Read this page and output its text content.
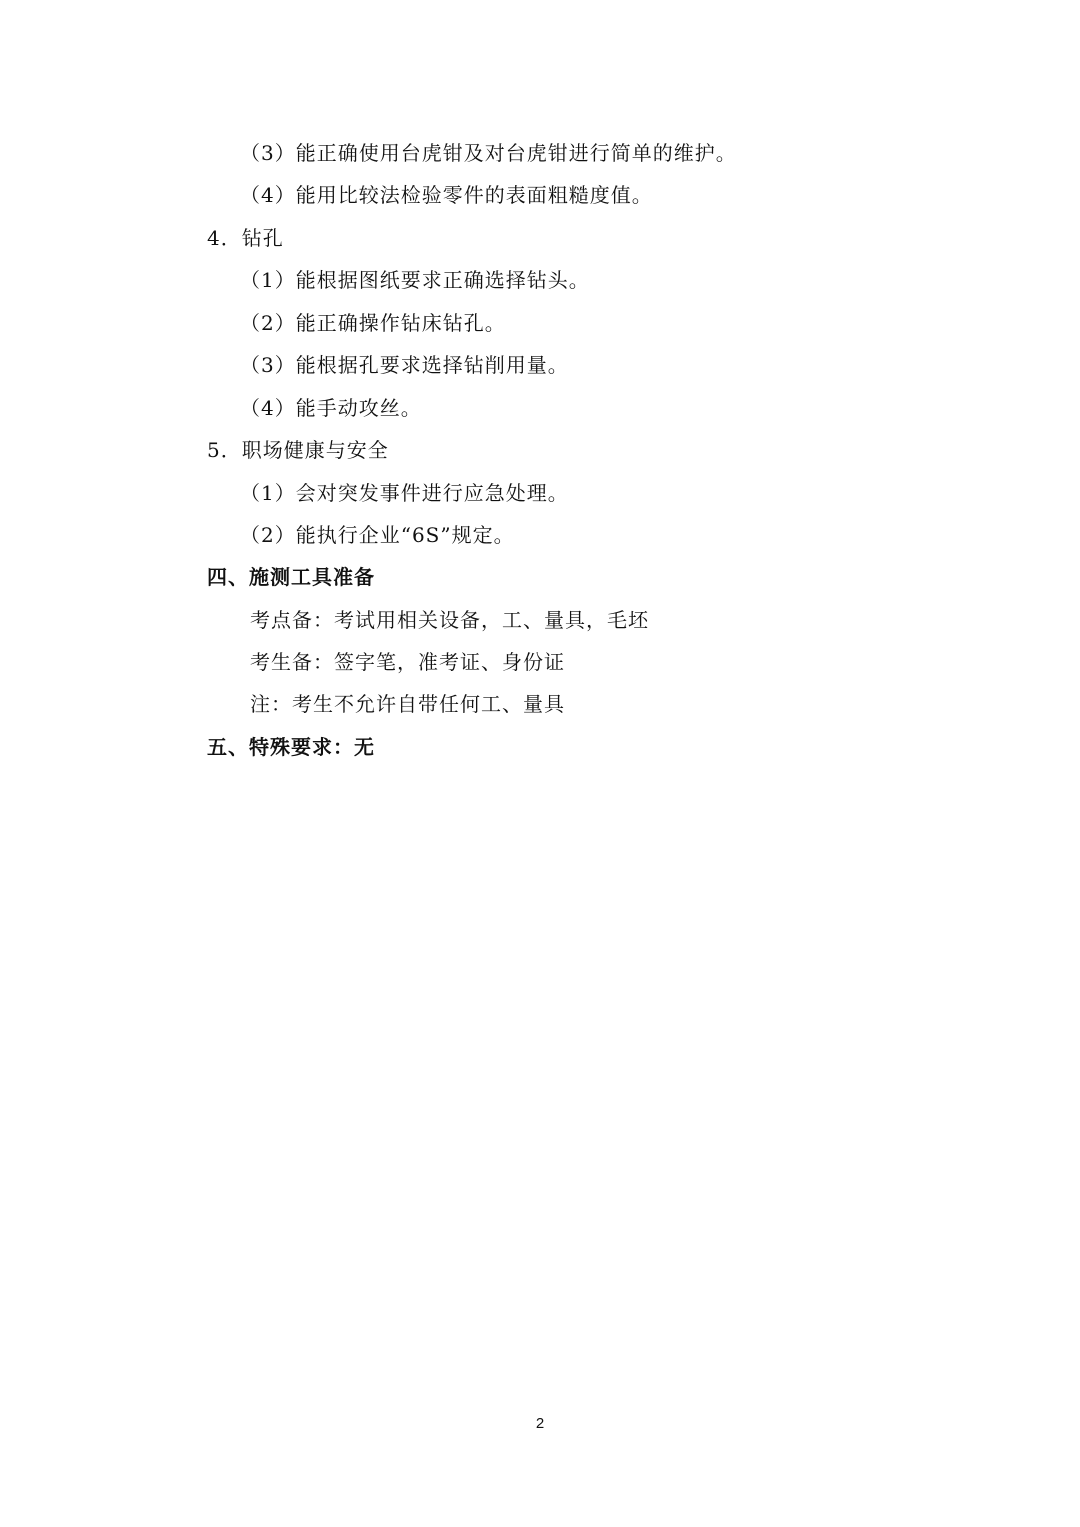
（3）能正确使用台虎钳及对台虎钳进行简单的维护。
（4）能用比较法检验零件的表面粗糙度值。
4．钻孔
（1）能根据图纸要求正确选择钻头。
（2）能正确操作钻床钻孔。
（3）能根据孔要求选择钻削用量。
（4）能手动攻丝。
5．职场健康与安全
（1）会对突发事件进行应急处理。
（2）能执行企业“6S”规定。
四、施测工具准备
考点备：考试用相关设备，工、量具，毛坯
考生备：签字笔，准考证、身份证
注：考生不允许自带任何工、量具
五、特殊要求：无
2
